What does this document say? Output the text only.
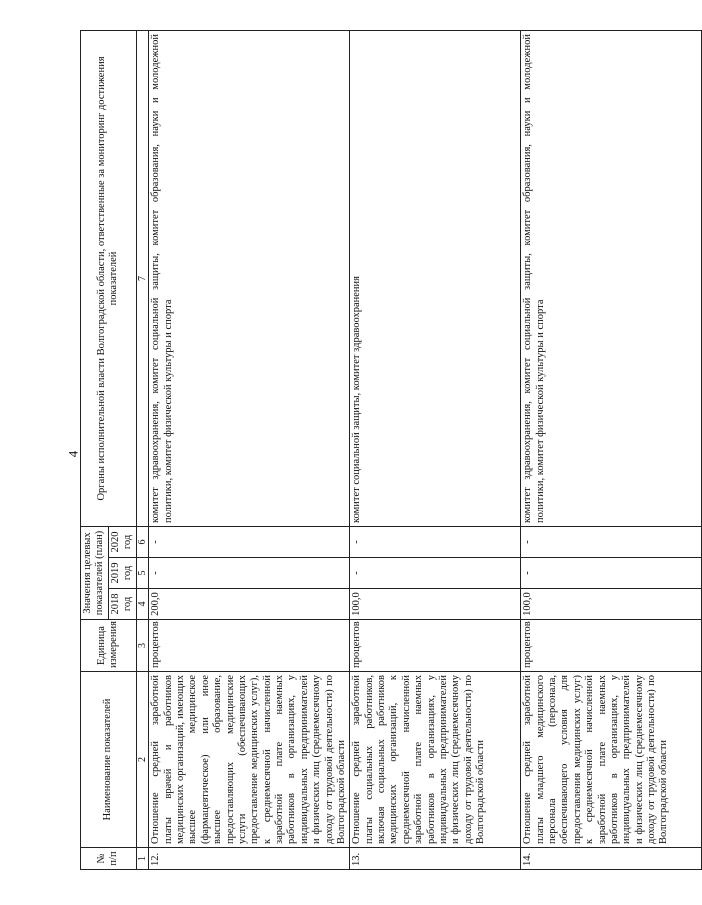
4
№ п/п	Наименование показателей	Единица измерения	Значения целевых показателей (план)			Органы исполнительной власти Волгоградской области, ответственные за мониторинг достижения показателей
			2018 год	2019 год	2020 год	
1	2	3	4	5	6	7
12.	Отношение средней заработной платы врачей и работников медицинских организаций, имеющих высшее медицинское (фармацевтическое) или иное высшее образование, предоставляющих медицинские услуги (обеспечивающих предоставление медицинских услуг), к среднемесячной начисленной заработной плате наемных работников в организациях, у индивидуальных предпринимателей и физических лиц (среднемесячному доходу от трудовой деятельности) по Волгоградской области	процентов	200,0	-	-	комитет здравоохранения, комитет социальной защиты, комитет образования, науки и молодежной политики, комитет физической культуры и спорта
13.	Отношение средней заработной платы социальных работников, включая социальных работников медицинских организаций, к среднемесячной начисленной заработной плате наемных работников в организациях, у индивидуальных предпринимателей и физических лиц (среднемесячному доходу от трудовой деятельности) по Волгоградской области	процентов	100,0	-	-	комитет социальной защиты, комитет здравоохранения
14.	Отношение средней заработной платы младшего медицинского персонала (персонала, обеспечивающего условия для предоставления медицинских услуг) к среднемесячной начисленной заработной плате наемных работников в организациях, у индивидуальных предпринимателей и физических лиц (среднемесячному доходу от трудовой деятельности) по Волгоградской области	процентов	100,0	-	-	комитет здравоохранения, комитет социальной защиты, комитет образования, науки и молодежной политики, комитет физической культуры и спорта
